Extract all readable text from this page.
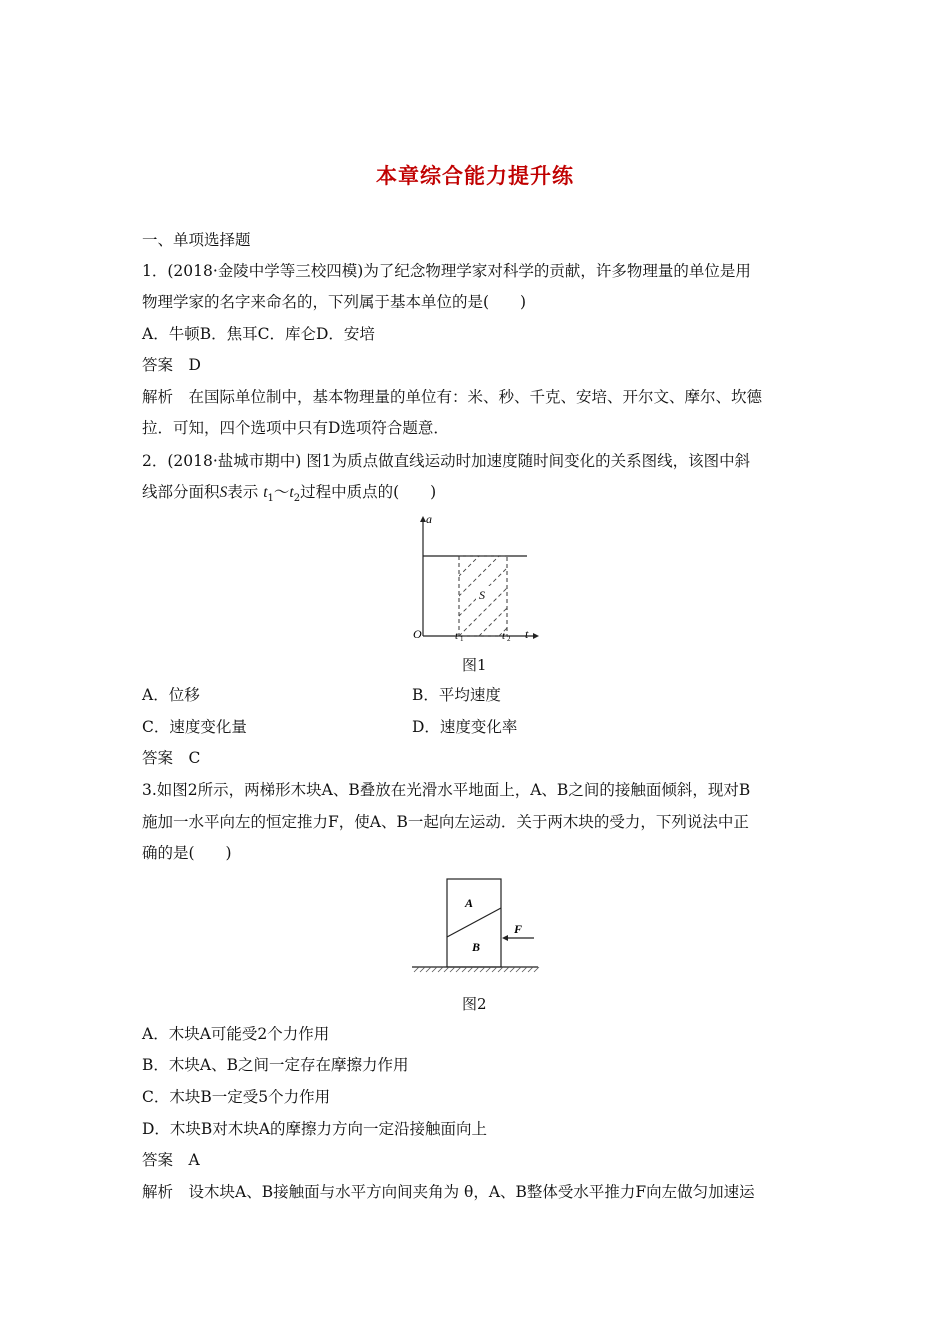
本章综合能力提升练
一、单项选择题
1．(2018·金陵中学等三校四模)为了纪念物理学家对科学的贡献，许多物理量的单位是用
物理学家的名字来命名的，下列属于基本单位的是(　　)
A．牛顿B．焦耳C．库仑D．安培
答案　D
解析　在国际单位制中，基本物理量的单位有：米、秒、千克、安培、开尔文、摩尔、坎德
拉．可知，四个选项中只有D选项符合题意．
2．(2018·盐城市期中) 图1为质点做直线运动时加速度随时间变化的关系图线，该图中斜
线部分面积S表示 $t_1\sim t_2$过程中质点的(　　)
S
a
t
O	t 1	t 2
图1
A．位移	B．平均速度
C．速度变化量	D．速度变化率
答案　C
3.如图2所示，两梯形木块A、B叠放在光滑水平地面上，A、B之间的接触面倾斜，现对B
施加一水平向左的恒定推力F，使A、B一起向左运动．关于两木块的受力，下列说法中正
确的是(　　)
A
B
F
图2
A．木块A可能受2个力作用
B．木块A、B之间一定存在摩擦力作用
C．木块B一定受5个力作用
D．木块B对木块A的摩擦力方向一定沿接触面向上
答案　A
解析　设木块A、B接触面与水平方向间夹角为 θ，A、B整体受水平推力F向左做匀加速运
